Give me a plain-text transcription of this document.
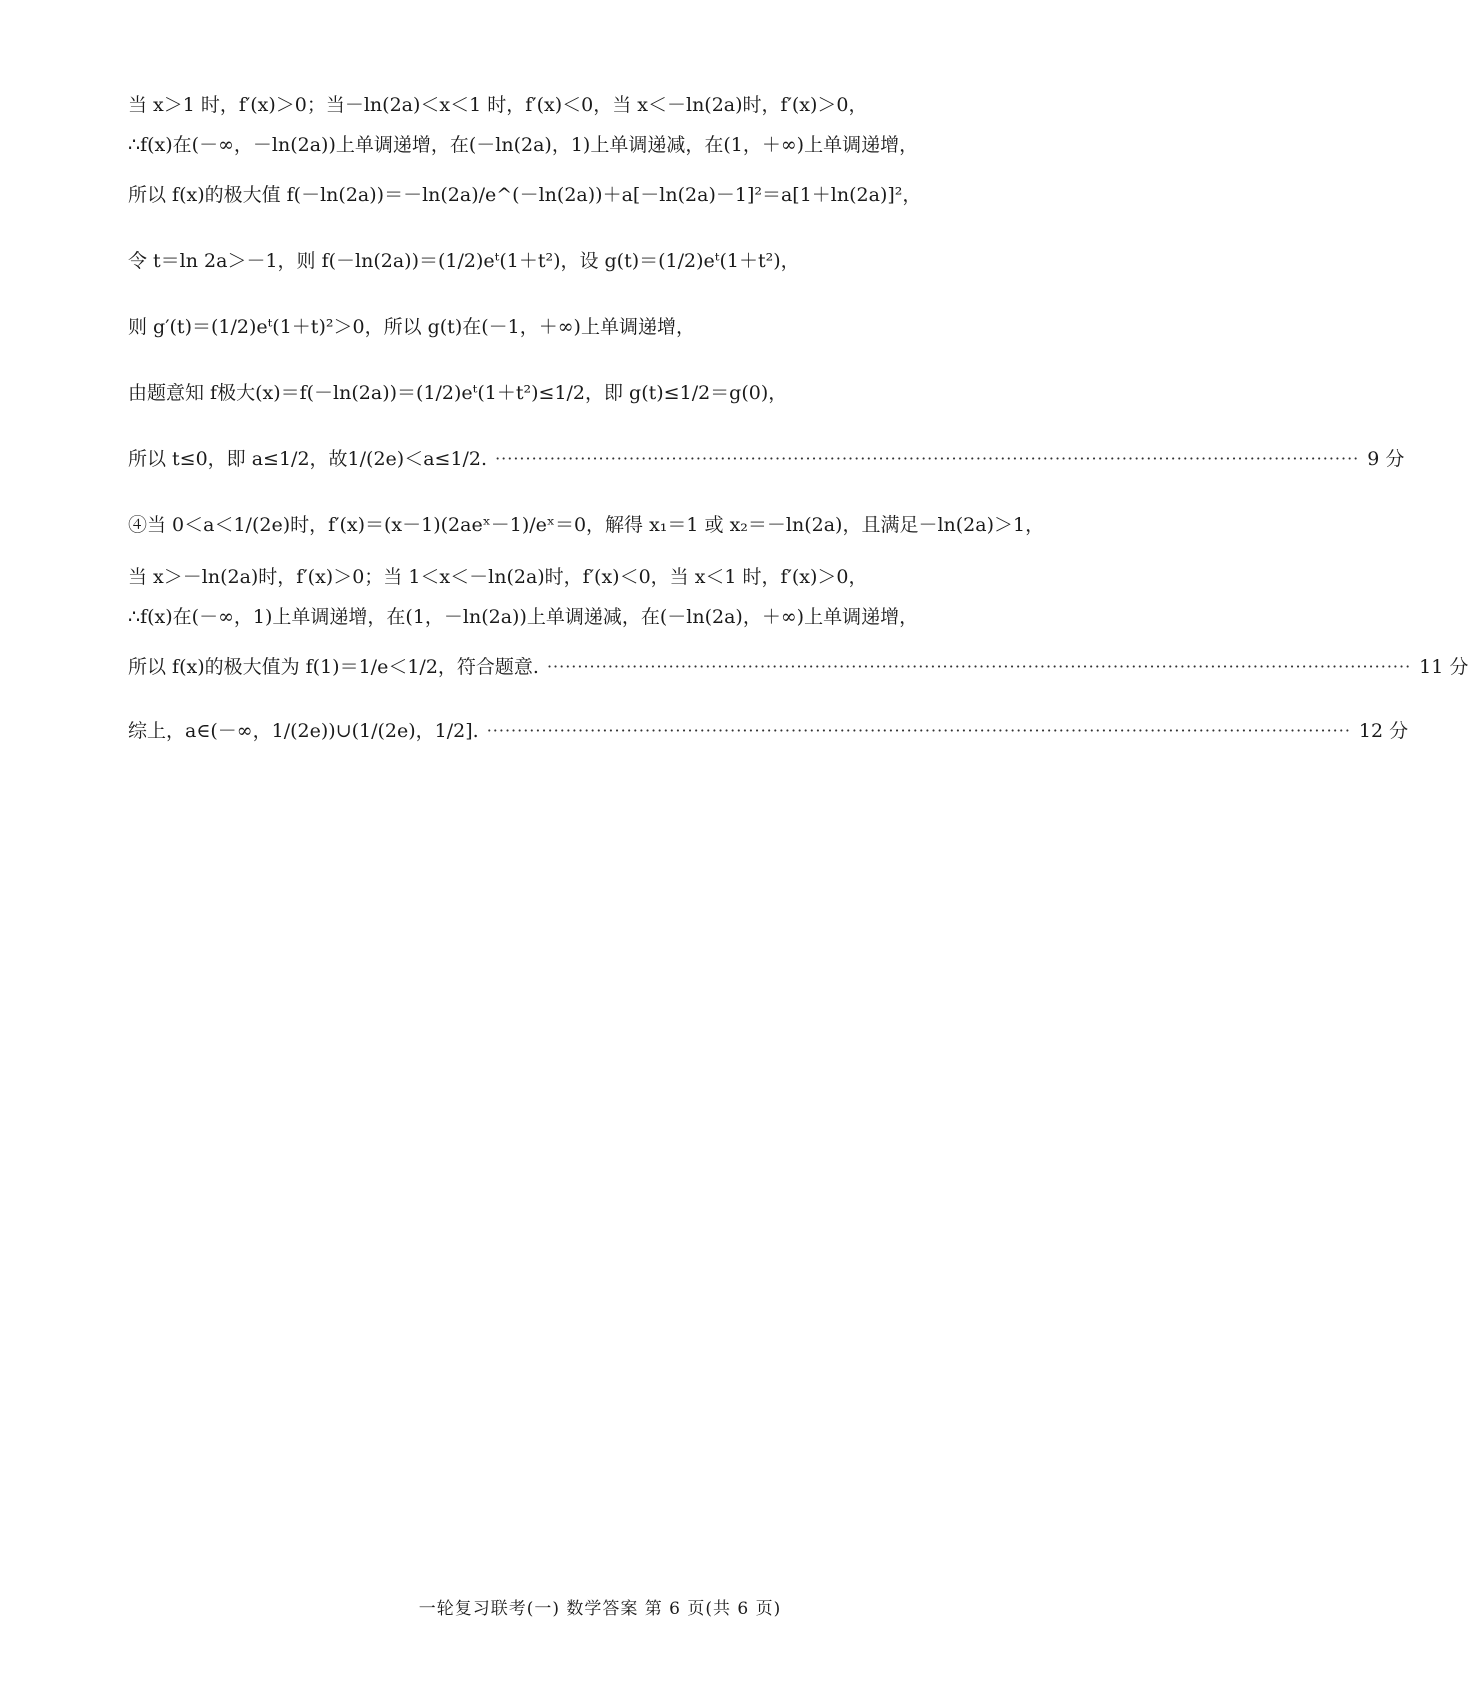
当 x＞1 时，f′(x)＞0；当－ln(2a)＜x＜1 时，f′(x)＜0，当 x＜－ln(2a)时，f′(x)＞0，
∴f(x)在(－∞，－ln(2a))上单调递增，在(－ln(2a)，1)上单调递减，在(1，＋∞)上单调递增，
所以 f(x)的极大值 f(－ln(2a))＝－ln(2a)/e^(－ln(2a))＋a[－ln(2a)－1]²＝a[1＋ln(2a)]²，
令 t＝ln 2a＞－1，则 f(－ln(2a))＝(1/2)eᵗ(1＋t²)，设 g(t)＝(1/2)eᵗ(1＋t²)，
则 g′(t)＝(1/2)eᵗ(1＋t)²＞0，所以 g(t)在(－1，＋∞)上单调递增，
由题意知 f极大(x)＝f(－ln(2a))＝(1/2)eᵗ(1＋t²)≤1/2，即 g(t)≤1/2＝g(0)，
所以 t≤0，即 a≤1/2，故1/(2e)＜a≤1/2. ·············································································································································· 9 分
④当 0＜a＜1/(2e)时，f′(x)＝(x－1)(2aeˣ－1)/eˣ＝0，解得 x₁＝1 或 x₂＝－ln(2a)，且满足－ln(2a)＞1，
当 x＞－ln(2a)时，f′(x)＞0；当 1＜x＜－ln(2a)时，f′(x)＜0，当 x＜1 时，f′(x)＞0，
∴f(x)在(－∞，1)上单调递增，在(1，－ln(2a))上单调递减，在(－ln(2a)，＋∞)上单调递增，
所以 f(x)的极大值为 f(1)＝1/e＜1/2，符合题意. ·············································································································································· 11 分
综上，a∈(－∞，1/(2e))∪(1/(2e)，1/2]. ·············································································································································· 12 分
一轮复习联考(一) 数学答案 第 6 页(共 6 页)
